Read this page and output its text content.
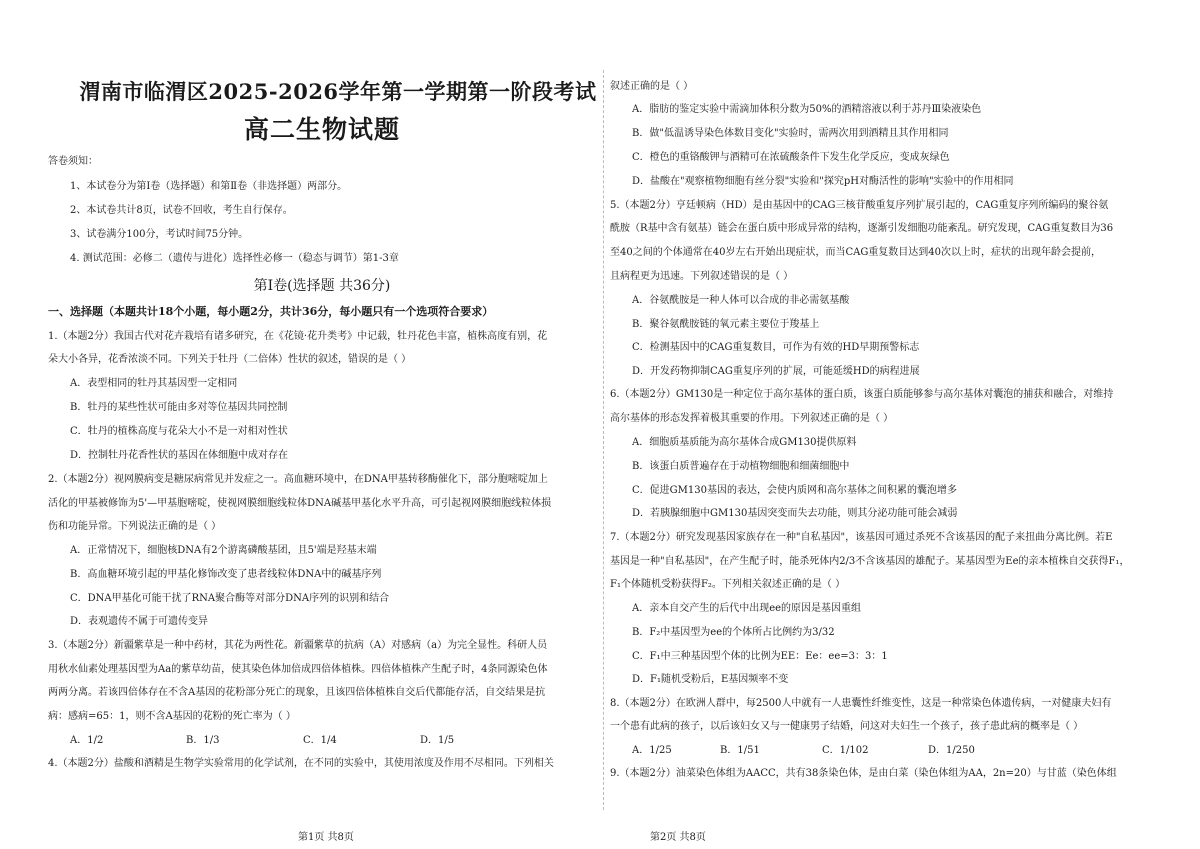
渭南市临渭区2025-2026学年第一学期第一阶段考试
高二生物试题
答卷须知：
1、本试卷分为第Ⅰ卷（选择题）和第Ⅱ卷（非选择题）两部分。
2、本试卷共计8页，试卷不回收，考生自行保存。
3、试卷满分100分，考试时间75分钟。
4. 测试范围：必修二（遗传与进化）选择性必修一（稳态与调节）第1-3章
第Ⅰ卷(选择题 共36分)
一、选择题（本题共计18个小题，每小题2分，共计36分，每小题只有一个选项符合要求）
1.（本题2分）我国古代对花卉栽培有诸多研究，在《花镜·花升类考》中记载，牡丹花色丰富，植株高度有别，花
朵大小各异，花香浓淡不同。下列关于牡丹（二倍体）性状的叙述，错误的是（ ）
A．表型相同的牡丹其基因型一定相同
B．牡丹的某些性状可能由多对等位基因共同控制
C．牡丹的植株高度与花朵大小不是一对相对性状
D．控制牡丹花香性状的基因在体细胞中成对存在
2.（本题2分）视网膜病变是糖尿病常见并发症之一。高血糖环境中，在DNA甲基转移酶催化下，部分胞嘧啶加上
活化的甲基被修饰为5'—甲基胞嘧啶，使视网膜细胞线粒体DNA碱基甲基化水平升高，可引起视网膜细胞线粒体损
伤和功能异常。下列说法正确的是（ ）
A．正常情况下，细胞核DNA有2个游离磷酸基团，且5'端是羟基末端
B．高血糖环境引起的甲基化修饰改变了患者线粒体DNA中的碱基序列
C．DNA甲基化可能干扰了RNA聚合酶等对部分DNA序列的识别和结合
D．表观遗传不属于可遗传变异
3.（本题2分）新疆紫草是一种中药材，其花为两性花。新疆紫草的抗病（A）对感病（a）为完全显性。科研人员
用秋水仙素处理基因型为Aa的紫草幼苗，使其染色体加倍成四倍体植株。四倍体植株产生配子时，4条同源染色体
两两分离。若该四倍体存在不含A基因的花粉部分死亡的现象，且该四倍体植株自交后代都能存活，自交结果是抗
病：感病=65：1，则不含A基因的花粉的死亡率为（ ）
A．1/2	B．1/3	C．1/4	D．1/5
4.（本题2分）盐酸和酒精是生物学实验常用的化学试剂，在不同的实验中，其使用浓度及作用不尽相同。下列相关
第1页 共8页
叙述正确的是（ ）
A．脂肪的鉴定实验中需滴加体积分数为50%的酒精溶液以利于苏丹Ⅲ染液染色
B．做"低温诱导染色体数目变化"实验时，需两次用到酒精且其作用相同
C．橙色的重铬酸钾与酒精可在浓硫酸条件下发生化学反应，变成灰绿色
D．盐酸在"观察植物细胞有丝分裂"实验和"探究pH对酶活性的影响"实验中的作用相同
5.（本题2分）亨廷顿病（HD）是由基因中的CAG三核苷酸重复序列扩展引起的，CAG重复序列所编码的聚谷氨
酰胺（R基中含有氨基）链会在蛋白质中形成异常的结构，逐渐引发细胞功能紊乱。研究发现，CAG重复数目为36
至40之间的个体通常在40岁左右开始出现症状，而当CAG重复数目达到40次以上时，症状的出现年龄会提前，
且病程更为迅速。下列叙述错误的是（ ）
A．谷氨酰胺是一种人体可以合成的非必需氨基酸
B．聚谷氨酰胺链的氧元素主要位于羧基上
C．检测基因中的CAG重复数目，可作为有效的HD早期预警标志
D．开发药物抑制CAG重复序列的扩展，可能延缓HD的病程进展
6.（本题2分）GM130是一种定位于高尔基体的蛋白质，该蛋白质能够参与高尔基体对囊泡的捕获和融合，对维持
高尔基体的形态发挥着极其重要的作用。下列叙述正确的是（ ）
A．细胞质基质能为高尔基体合成GM130提供原料
B．该蛋白质普遍存在于动植物细胞和细菌细胞中
C．促进GM130基因的表达，会使内质网和高尔基体之间积累的囊泡增多
D．若胰腺细胞中GM130基因突变而失去功能，则其分泌功能可能会减弱
7.（本题2分）研究发现基因家族存在一种"自私基因"，该基因可通过杀死不含该基因的配子来扭曲分离比例。若E
基因是一种"自私基因"，在产生配子时，能杀死体内2/3不含该基因的雄配子。某基因型为Ee的亲本植株自交获得F₁，
F₁个体随机受粉获得F₂。下列相关叙述正确的是（ ）
A．亲本自交产生的后代中出现ee的原因是基因重组
B．F₂中基因型为ee的个体所占比例约为3/32
C．F₁中三种基因型个体的比例为EE：Ee：ee=3：3：1
D．F₁随机受粉后，E基因频率不变
8.（本题2分）在欧洲人群中，每2500人中就有一人患囊性纤维变性，这是一种常染色体遗传病，一对健康夫妇有
一个患有此病的孩子，以后该妇女又与一健康男子结婚，问这对夫妇生一个孩子，孩子患此病的概率是（ ）
A．1/25	B．1/51	C．1/102	D．1/250
9.（本题2分）油菜染色体组为AACC，共有38条染色体，是由白菜（染色体组为AA，2n=20）与甘蓝（染色体组
第2页 共8页
